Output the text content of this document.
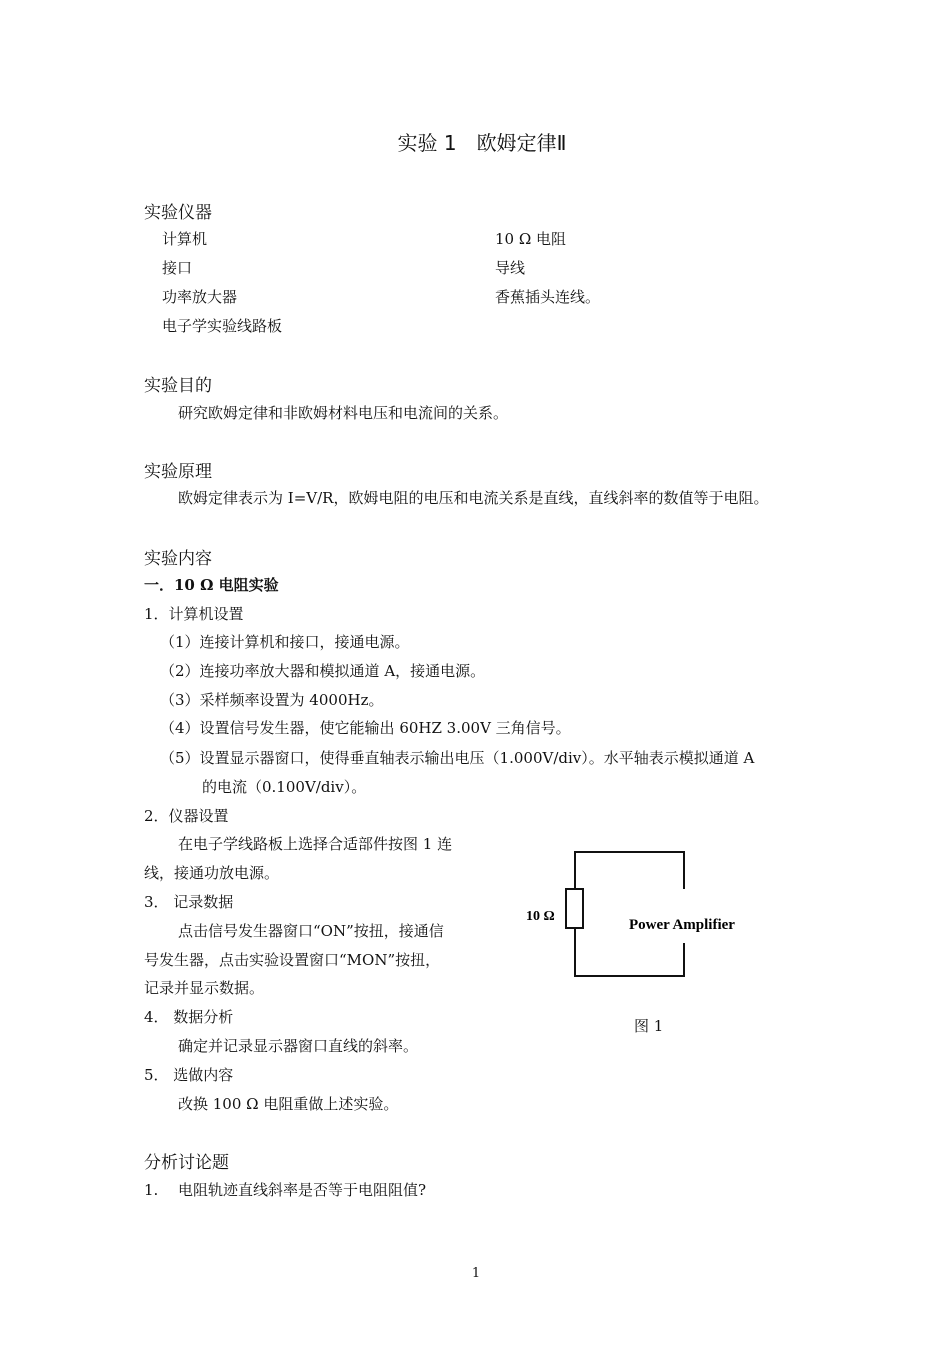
实验 1　欧姆定律Ⅱ
实验仪器
计算机
接口
功率放大器
电子学实验线路板
10 Ω 电阻
导线
香蕉插头连线。
实验目的
研究欧姆定律和非欧姆材料电压和电流间的关系。
实验原理
欧姆定律表示为 I=V/R，欧姆电阻的电压和电流关系是直线，直线斜率的数值等于电阻。
实验内容
一．10 Ω 电阻实验
1．计算机设置
（1）连接计算机和接口，接通电源。
（2）连接功率放大器和模拟通道 A，接通电源。
（3）采样频率设置为 4000Hz。
（4）设置信号发生器，使它能输出 60HZ 3.00V 三角信号。
（5）设置显示器窗口，使得垂直轴表示输出电压（1.000V/div）。水平轴表示模拟通道 A
的电流（0.100V/div）。
2．仪器设置
在电子学线路板上选择合适部件按图 1 连
线，接通功放电源。
3． 记录数据
点击信号发生器窗口“ON”按扭，接通信
号发生器，点击实验设置窗口“MON”按扭，
记录并显示数据。
4． 数据分析
确定并记录显示器窗口直线的斜率。
5． 选做内容
改换 100 Ω 电阻重做上述实验。
10 Ω
Power Amplifier
图 1
分析讨论题
1. 电阻轨迹直线斜率是否等于电阻阻值?
1
